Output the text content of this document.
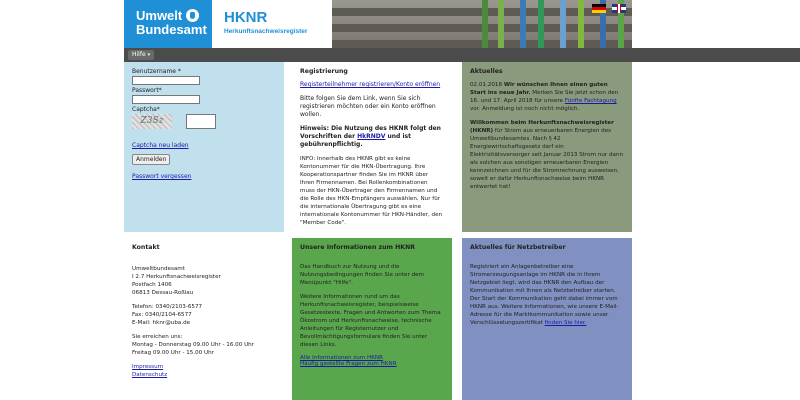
Umwelt
Bundesamt
HKNR
Herkunftsnachweisregister
Hilfe ▾

Benutzername *

Passwort*

Captcha*

Z3Sz
Captcha neu laden
Anmelden
Passwort vergessen
Registrierung

Registerteilnehmer registrieren/Konto eröffnen

Bitte folgen Sie dem Link, wenn Sie sich registrieren möchten oder ein Konto eröffnen wollen.

Hinweis: Die Nutzung des HKNR folgt den Vorschriften der HkRNDV und ist gebührenpflichtig.

INFO: Innerhalb des HKNR gibt es keine Kontonummer für die HKN-Übertragung. Ihre Kooperationspartner finden Sie im HKNR über Ihren Firmennamen. Bei Rollenkombinationen muss der HKN-Übertrager den Firmennamen und die Rolle des HKN-Empfängers auswählen. Nur für die internationale Übertragung gibt es eine internationale Kontonummer für HKN-Händler, den "Member Code".

Aktuelles

02.01.2018 Wir wünschen Ihnen einen guten Start ins neue Jahr. Merken Sie Sie jetzt schon den 16. und 17. April 2018 für unsere Fünfte Fachtagung vor. Anmeldung ist noch nicht möglich.

Willkommen beim Herkunftsnachweisregister (HKNR) für Strom aus erneuerbaren Energien des Umweltbundesamtes. Nach § 42 Energiewirtschaftsgesetz darf ein Elektrizitätsversorger seit Januar 2013 Strom nur dann als solchen aus sonstigen erneuerbaren Energien kennzeichnen und für die Stromrechnung ausweisen, soweit er dafür Herkunftsnachweise beim HKNR entwertet hat!

Kontakt
Umweltbundesamt
I 2.7 Herkunftsnachweisregister
Postfach 1406
06813 Dessau-Roßlau
Telefon: 0340/2103-6577
Fax: 0340/2104-6577
E-Mail: hknr@uba.de
Sie erreichen uns:
Montag - Donnerstag 09.00 Uhr - 16.00 Uhr
Freitag 09.00 Uhr - 15.00 Uhr
Impressum
Datenschutz
Unsere Informationen zum HKNR

Das Handbuch zur Nutzung und die Nutzungsbedingungen finden Sie unter dem Menüpunkt "Hilfe".

Weitere Informationen rund um das Herkunftsnachweisregister, beispielsweise Gesetzestexte, Fragen und Antworten zum Thema Ökostrom und Herkunftsnachweise, technische Anleitungen für Registernutzer und Bevollmächtigungsformulare finden Sie unter diesen Links.

Alle Informationen zum HKNR
Häufig gestellte Fragen zum HKNR
Aktuelles für Netzbetreiber

Registriert ein Anlagenbetreiber eine Stromerzeugungsanlage im HKNR die in Ihrem Netzgebiet liegt, wird das HKNR den Aufbau der Kommunikation mit Ihnen als Netzbetreiber starten. Der Start der Kommunikation geht dabei immer vom HKNR aus. Weitere Informationen, wie unsere E-Mail-Adresse für die Marktkommunikation sowie unser Verschlüsselungszertifikat finden Sie hier.
